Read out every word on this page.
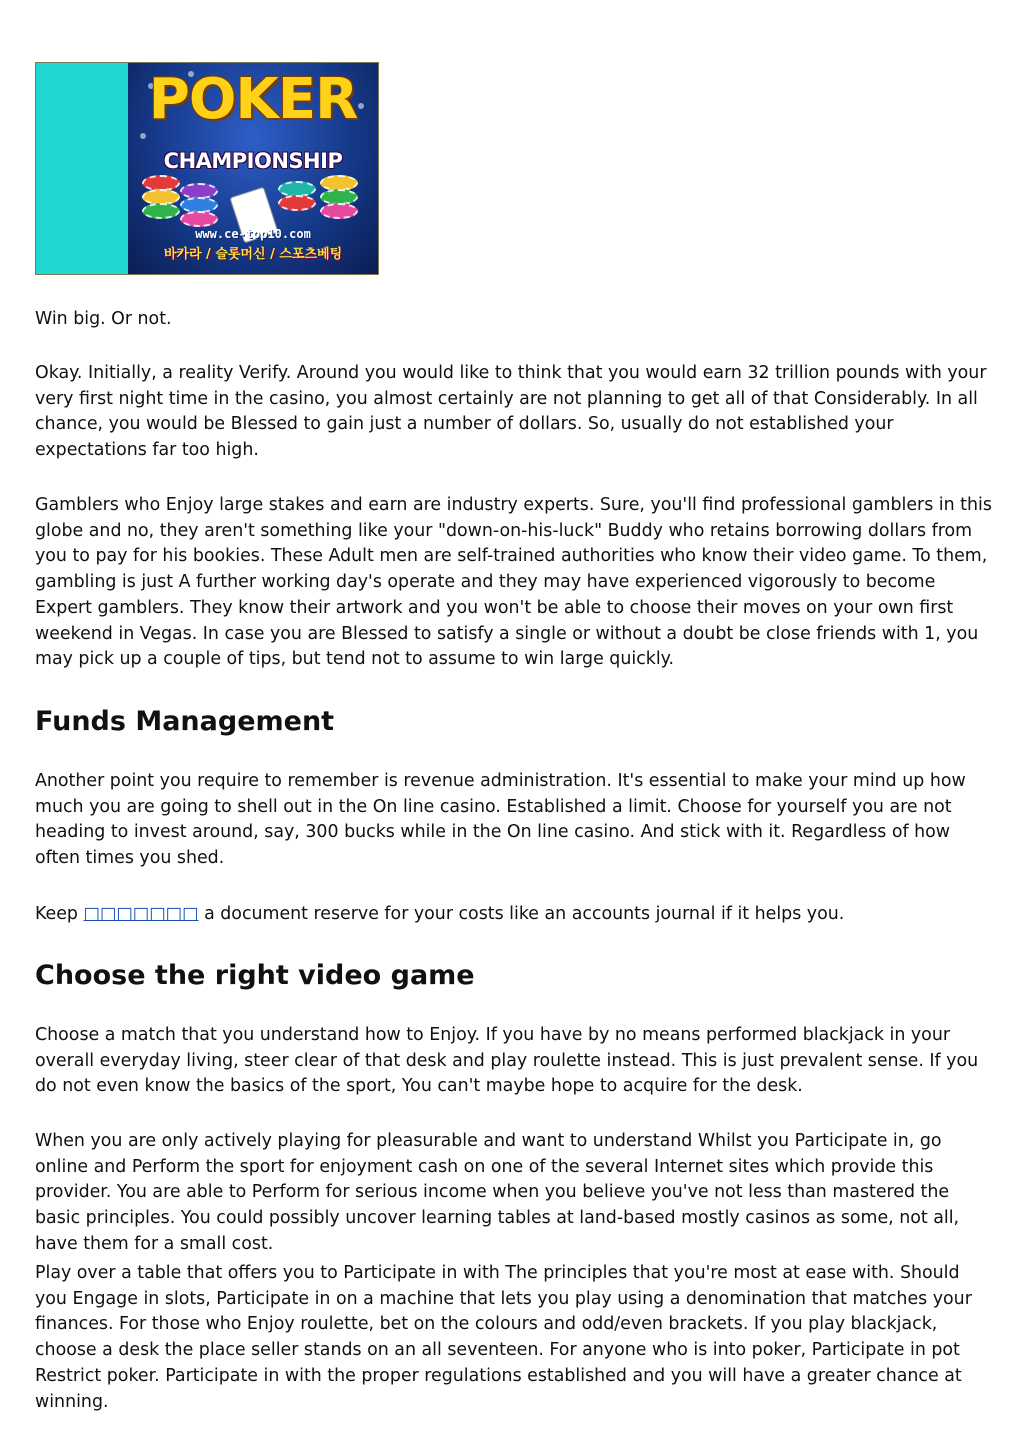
POKER
CHAMPIONSHIP
www.ce-top10.com
바카라 / 슬롯머신 / 스포츠베팅

Win big. Or not.

Okay. Initially, a reality Verify. Around you would like to think that you would earn 32 trillion pounds with your very first night time in the casino, you almost certainly are not planning to get all of that Considerably. In all chance, you would be Blessed to gain just a number of dollars. So, usually do not established your expectations far too high.

Gamblers who Enjoy large stakes and earn are industry experts. Sure, you'll find professional gamblers in this globe and no, they aren't something like your "down-on-his-luck" Buddy who retains borrowing dollars from you to pay for his bookies. These Adult men are self-trained authorities who know their video game. To them, gambling is just A further working day's operate and they may have experienced vigorously to become Expert gamblers. They know their artwork and you won't be able to choose their moves on your own first weekend in Vegas. In case you are Blessed to satisfy a single or without a doubt be close friends with 1, you may pick up a couple of tips, but tend not to assume to win large quickly.

Funds Management

Another point you require to remember is revenue administration. It's essential to make your mind up how much you are going to shell out in the On line casino. Established a limit. Choose for yourself you are not heading to invest around, say, 300 bucks while in the On line casino. And stick with it. Regardless of how often times you shed.

Keep □□□□□□□ a document reserve for your costs like an accounts journal if it helps you.

Choose the right video game

Choose a match that you understand how to Enjoy. If you have by no means performed blackjack in your overall everyday living, steer clear of that desk and play roulette instead. This is just prevalent sense. If you do not even know the basics of the sport, You can't maybe hope to acquire for the desk.

When you are only actively playing for pleasurable and want to understand Whilst you Participate in, go online and Perform the sport for enjoyment cash on one of the several Internet sites which provide this provider. You are able to Perform for serious income when you believe you've not less than mastered the basic principles. You could possibly uncover learning tables at land-based mostly casinos as some, not all, have them for a small cost.

Play over a table that offers you to Participate in with The principles that you're most at ease with. Should you Engage in slots, Participate in on a machine that lets you play using a denomination that matches your finances. For those who Enjoy roulette, bet on the colours and odd/even brackets. If you play blackjack, choose a desk the place seller stands on an all seventeen. For anyone who is into poker, Participate in pot Restrict poker. Participate in with the proper regulations established and you will have a greater chance at winning.
